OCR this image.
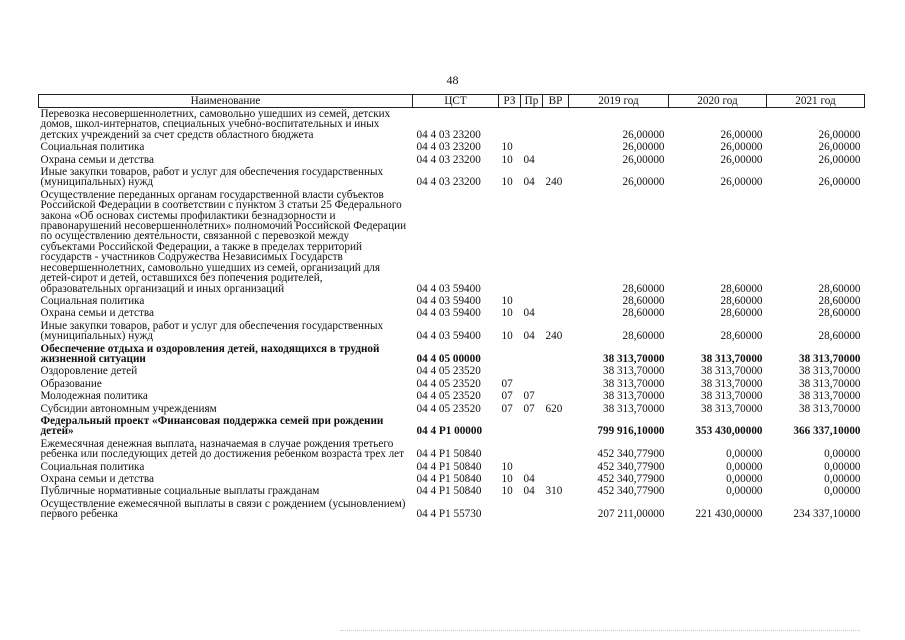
48
Наименование	ЦСТ	РЗ	Пр	ВР	2019 год	2020 год	2021 год
Перевозка несовершеннолетних, самовольно ушедших из семей, детских домов, школ-интернатов, специальных учебно-воспитательных и иных детских учреждений за счет средств областного бюджета	04 4 03 23200				26,00000	26,00000	26,00000
Социальная политика	04 4 03 23200	10			26,00000	26,00000	26,00000
Охрана семьи и детства	04 4 03 23200	10	04		26,00000	26,00000	26,00000
Иные закупки товаров, работ и услуг для обеспечения государственных (муниципальных) нужд	04 4 03 23200	10	04	240	26,00000	26,00000	26,00000
Осуществление переданных органам государственной власти субъектов Российской Федерации в соответствии с пунктом 3 статьи 25 Федерального закона «Об основах системы профилактики безнадзорности и правонарушений несовершеннолетних» полномочий Российской Федерации по осуществлению деятельности, связанной с перевозкой между субъектами Российской Федерации, а также в пределах территорий государств - участников Содружества Независимых Государств несовершеннолетних, самовольно ушедших из семей, организаций для детей-сирот и детей, оставшихся без попечения родителей, образовательных организаций и иных организаций	04 4 03 59400				28,60000	28,60000	28,60000
Социальная политика	04 4 03 59400	10			28,60000	28,60000	28,60000
Охрана семьи и детства	04 4 03 59400	10	04		28,60000	28,60000	28,60000
Иные закупки товаров, работ и услуг для обеспечения государственных (муниципальных) нужд	04 4 03 59400	10	04	240	28,60000	28,60000	28,60000
Обеспечение отдыха и оздоровления детей, находящихся в трудной жизненной ситуации	04 4 05 00000				38 313,70000	38 313,70000	38 313,70000
Оздоровление детей	04 4 05 23520				38 313,70000	38 313,70000	38 313,70000
Образование	04 4 05 23520	07			38 313,70000	38 313,70000	38 313,70000
Молодежная политика	04 4 05 23520	07	07		38 313,70000	38 313,70000	38 313,70000
Субсидии автономным учреждениям	04 4 05 23520	07	07	620	38 313,70000	38 313,70000	38 313,70000
Федеральный проект «Финансовая поддержка семей при рождении детей»	04 4 P1 00000				799 916,10000	353 430,00000	366 337,10000
Ежемесячная денежная выплата, назначаемая в случае рождения третьего ребенка или последующих детей до достижения ребенком возраста трех лет	04 4 P1 50840				452 340,77900	0,00000	0,00000
Социальная политика	04 4 P1 50840	10			452 340,77900	0,00000	0,00000
Охрана семьи и детства	04 4 P1 50840	10	04		452 340,77900	0,00000	0,00000
Публичные нормативные социальные выплаты гражданам	04 4 P1 50840	10	04	310	452 340,77900	0,00000	0,00000
Осуществление ежемесячной выплаты в связи с рождением (усыновлением) первого ребенка	04 4 P1 55730				207 211,00000	221 430,00000	234 337,10000
